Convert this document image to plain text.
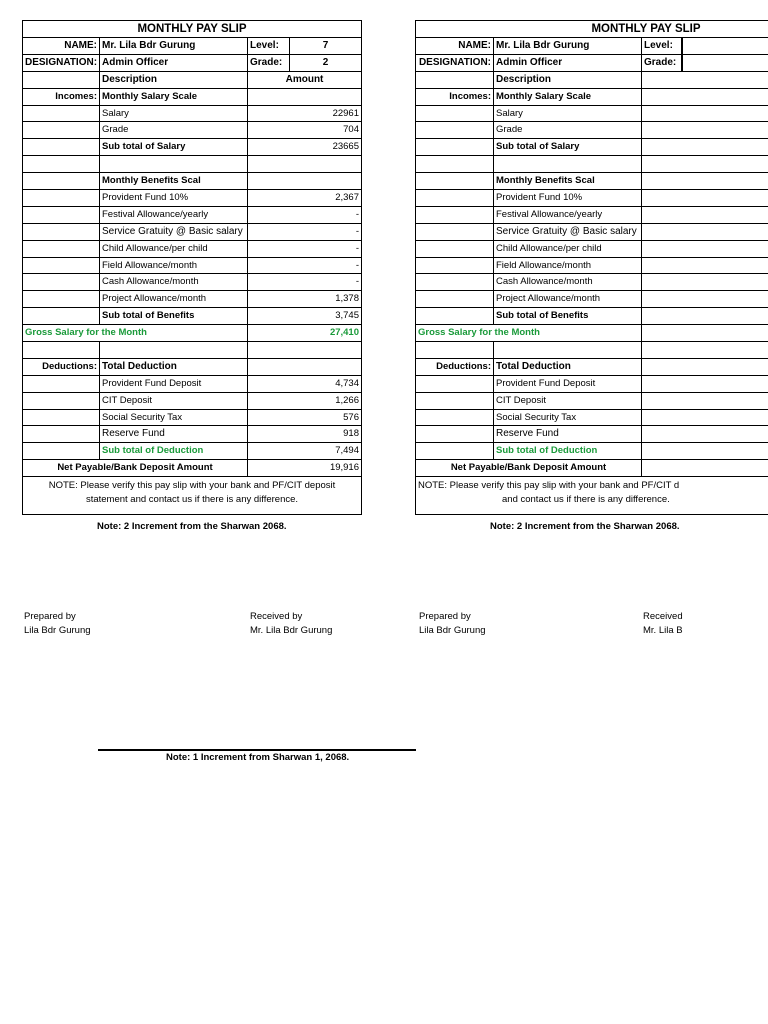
MONTHLY PAY SLIP
NAME: Mr. Lila Bdr Gurung	Level:	7
DESIGNATION: Admin Officer	Grade:	2
Description	Amount
Incomes: Monthly Salary Scale
Salary	22961
Grade	704
Sub total of Salary	23665
Monthly Benefits Scal
Provident Fund 10%	2,367
Festival Allowance/yearly	-
Service Gratuity @ Basic salary	-
Child Allowance/per child	-
Field Allowance/month	-
Cash Allowance/month	-
Project Allowance/month	1,378
Sub total of Benefits	3,745
Gross Salary for the Month	27,410
Deductions: Total Deduction
Provident Fund Deposit	4,734
CIT Deposit	1,266
Social Security Tax	576
Reserve Fund	918
Sub total of Deduction	7,494
Net Payable/Bank Deposit Amount	19,916
NOTE: Please verify this pay slip with your bank and PF/CIT deposit statement and contact us if there is any difference.
MONTHLY PAY SLIP
NAME: Mr. Lila Bdr Gurung	Level:
DESIGNATION: Admin Officer	Grade:
Description
Incomes: Monthly Salary Scale
Salary
Grade
Sub total of Salary
Monthly Benefits Scal
Provident Fund 10%
Festival Allowance/yearly
Service Gratuity @ Basic salary
Child Allowance/per child
Field Allowance/month
Cash Allowance/month
Project Allowance/month
Sub total of Benefits
Gross Salary for the Month
Deductions: Total Deduction
Provident Fund Deposit
CIT Deposit
Social Security Tax
Reserve Fund
Sub total of Deduction
Net Payable/Bank Deposit Amount
NOTE: Please verify this pay slip with your bank and PF/CIT d
and contact us if there is any difference.
Note: 2 Increment from the Sharwan 2068.	Note: 2 Increment from the Sharwan 2068.
Prepared by
Lila Bdr Gurung
Received by
Mr. Lila Bdr Gurung
Prepared by
Lila Bdr Gurung
Received
Mr. Lila B
Note: 1 Increment from Sharwan 1, 2068.
